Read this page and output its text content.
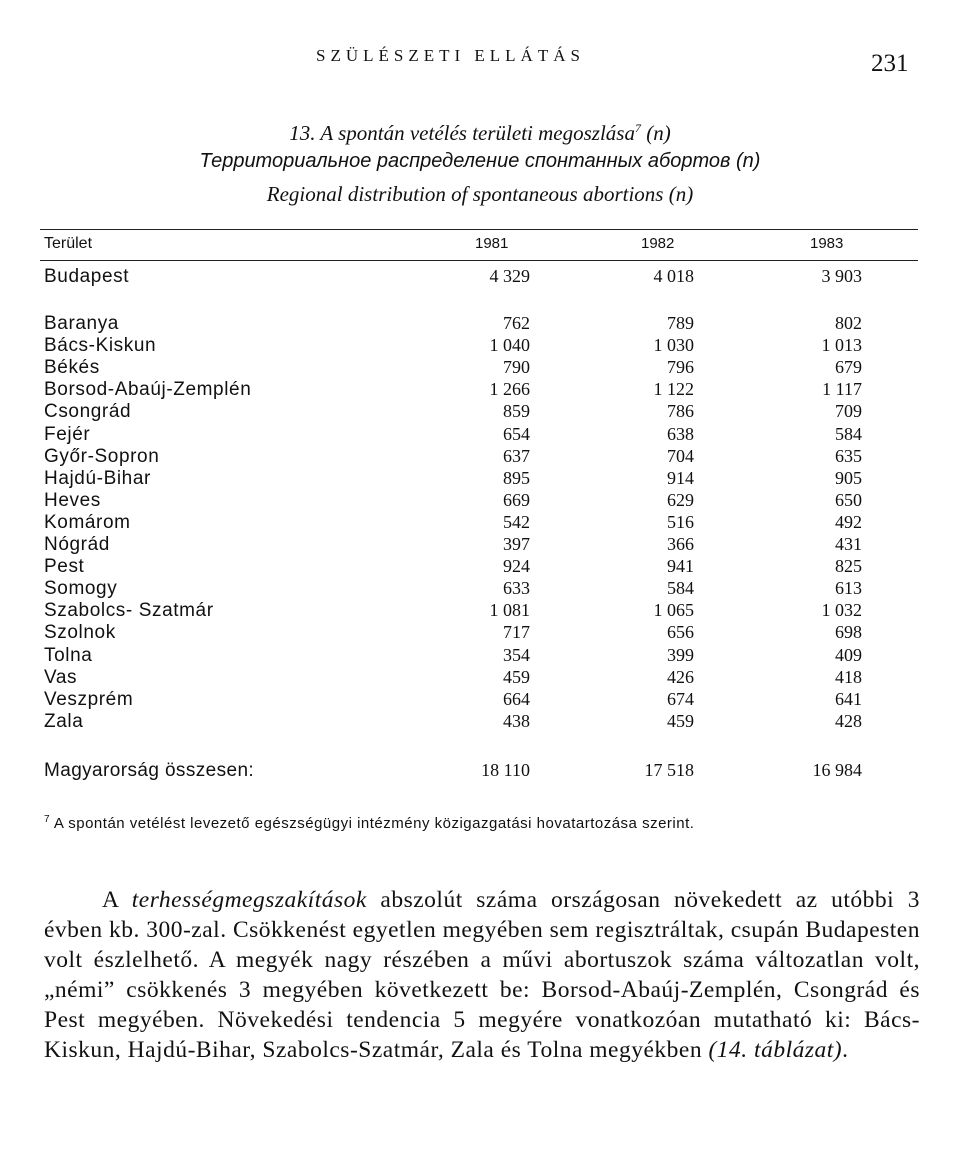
SZÜLÉSZETI ELLÁTÁS	231
13. A spontán vetélés területi megoszlása$^7$ (n)
Территориальное распределение спонтанных абортов (n)
Regional distribution of spontaneous abortions (n)
Terület	1981	1982	1983
Budapest	4 329	4 018	3 903
Baranya	762	789	802
Bács-Kiskun	1 040	1 030	1 013
Békés	790	796	679
Borsod-Abaúj-Zemplén	1 266	1 122	1 117
Csongrád	859	786	709
Fejér	654	638	584
Győr-Sopron	637	704	635
Hajdú-Bihar	895	914	905
Heves	669	629	650
Komárom	542	516	492
Nógrád	397	366	431
Pest	924	941	825
Somogy	633	584	613
Szabolcs- Szatmár	1 081	1 065	1 032
Szolnok	717	656	698
Tolna	354	399	409
Vas	459	426	418
Veszprém	664	674	641
Zala	438	459	428
Magyarorság összesen:	18 110	17 518	16 984
$^7$ A spontán vetélést levezető egészségügyi intézmény közigazgatási hovatartozása szerint.

A terhességmegszakítások abszolút száma országosan növekedett az utóbbi 3 évben kb. 300-zal. Csökkenést egyetlen megyében sem regisztráltak, csupán Budapesten volt észlelhető. A megyék nagy részében a művi abortuszok száma változatlan volt, „némi” csökkenés 3 megyében következett be: Borsod-Abaúj-Zemplén, Csongrád és Pest megyében. Növekedési tendencia 5 megyére vonatkozóan mutatható ki: Bács-Kiskun, Hajdú-Bihar, Szabolcs-Szatmár, Zala és Tolna megyékben (14. táblázat).
